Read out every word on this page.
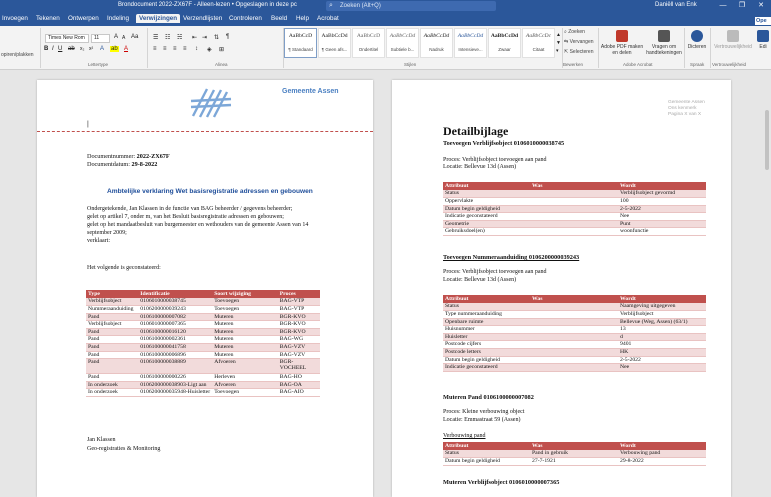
Brondocument 2022-ZX67F - Alleen-lezen • Opgeslagen in deze pc	⌕ Zoeken (Alt+Q)	Daniëll van Enk	—	❐	✕
Invoegen Tekenen Ontwerpen Indeling	Verwijzingen Verzendlijsten Controleren Beeld Help Acrobat
opiren/plakken
Times New Rom	11	A A Aa
B I U ab x₂ x² A ab A
Lettertype
☰ ☷ ☵ ⇤ ⇥ ⇅ ¶
≡ ≡ ≡ ≡ ↕ ◈ ⊞
Alinea
AaBbCcD
¶ Standaard
AaBbCcDd
¶ Geen afs...
AaBbCcD
Ondertitel
AaBbCcDd
Subtiele b...
AaBbCcDd
Nadruk
AaBbCcDd
Intensieve...
AaBbCcDd
Zwaar
AaBbCcDc
Citaat
▲
▼
▾
Stijlen
⌕ Zoeken
⇆ Vervangen
⇱ Selecteren
Bewerken
Adobe PDF maken en delen
Vragen om handtekeningen
Adobe Acrobat
Dicteren
Spraak
Vertrouwelijkheid
Vertrouwelijkheid
Edi
Ope
Gemeente Assen
|
Documentnummer: 2022-ZX67F
Documentdatum: 29-8-2022
Ambtelijke verklaring Wet basisregistratie adressen en gebouwen
Ondergetekende, Jan Klassen in de functie van BAG beheerder / gegevens beheerder;
gelet op artikel 7, onder m, van het Besluit basisregistratie adressen en gebouwen;
gelet op het mandaatbesluit van burgemeester en wethouders van de gemeente Assen van 14
september 2009;
verklaart:
Het volgende is geconstateerd:
Type	Identificatie	Soort wijziging	Proces
Verblijfsobject	0106010000038745	Toevoegen	BAG-VTP
Nummeraanduiding	0106200000039243	Toevoegen	BAG-VTP
Pand	0106100000007082	Muteren	BGR-KVO
Verblijfsobject	0106010000007365	Muteren	BGR-KVO
Pand	0106100000016120	Muteren	BGR-KVO
Pand	0106100000002361	Muteren	BAG-WG
Pand	0106100000041758	Muteren	BAG-VZV
Pand	0106100000006896	Muteren	BAG-VZV
Pand	0106100000038889	Afvoeren	BGR-VOCHEEL
Pand	0106100000000226	Herleven	BAG-HO
In onderzoek	0106200000038903-Ligt aan	Afvoeren	BAG-OA
In onderzoek	0106200000035948-Huisletter	Toevoegen	BAG-AIO
Jan Klassen
Geo-registraties & Monitoring
Gemeente Assen
Ons kenmerk
Pagina X van X
Detailbijlage
Toevoegen Verblijfsobject 0106010000038745
Proces: Verblijfsobject toevoegen aan pand
Locatie: Bellevue 13d (Assen)
Attribuut	Was	Wordt
Status		Verblijfsobject gevormd
Oppervlakte		100
Datum begin geldigheid		2-5-2022
Indicatie geconstateerd		Nee
Geometrie		Punt
Gebruiksdoel(en)		woonfunctie
Toevoegen Nummeraanduiding 0106200000039243
Proces: Verblijfsobject toevoegen aan pand
Locatie: Bellevue 13d (Assen)
Attribuut	Was	Wordt
Status		Naamgeving uitgegeven
Type nummeraanduiding		Verblijfsobject
Openbare ruimte		Bellevue (Weg, Assen) (63/1)
Huisnummer		13
Huisletter		d
Postcode cijfers		9401
Postcode letters		HK
Datum begin geldigheid		2-5-2022
Indicatie geconstateerd		Nee
Muteren Pand 0106100000007082
Proces: Kleine verbouwing object
Locatie: Emmastraat 59 (Assen)
Verbouwing pand
Attribuut	Was	Wordt
Status	Pand in gebruik	Verbouwing pand
Datum begin geldigheid	27-7-1921	29-8-2022
Muteren Verblijfsobject 0106010000007365
